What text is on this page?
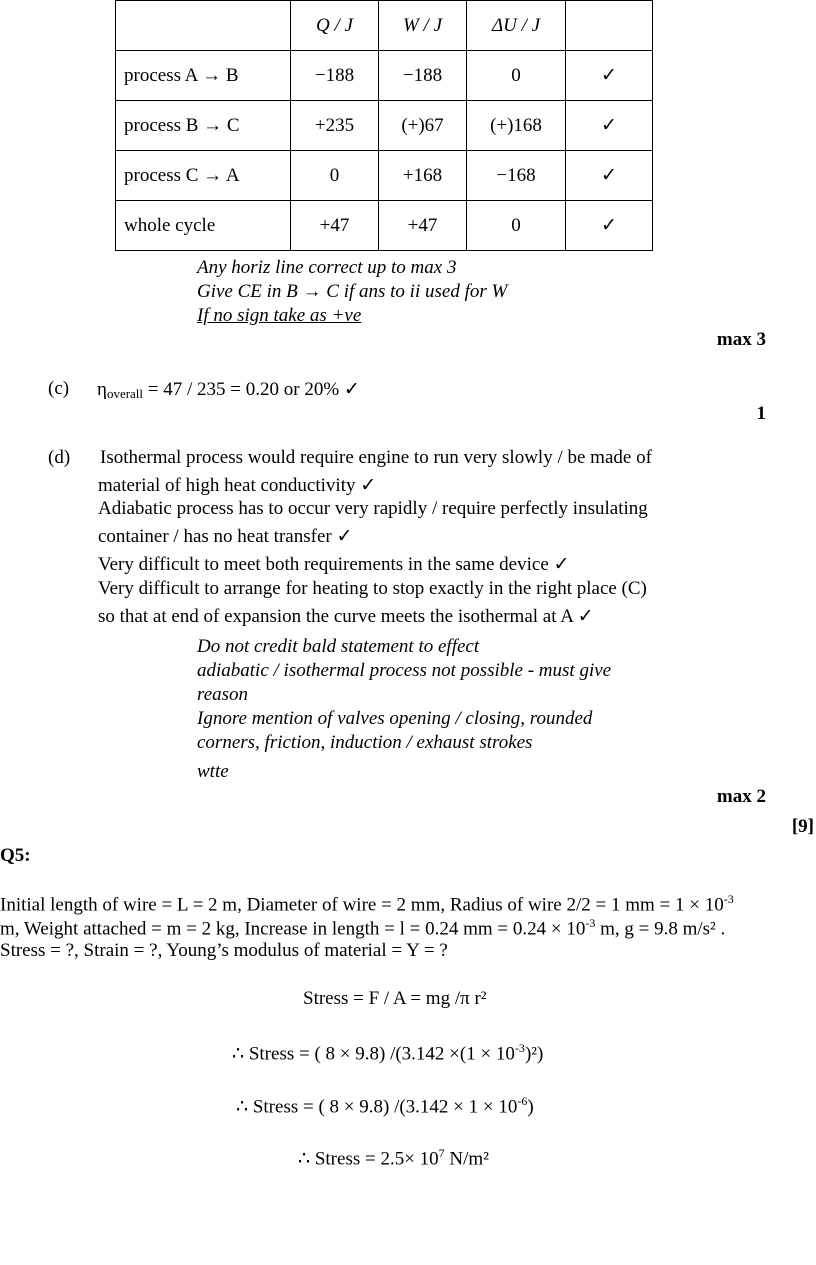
	Q / J	W / J	ΔU / J	
process A → B	−188	−188	0	✓
process B → C	+235	(+)67	(+)168	✓
process C → A	0	+168	−168	✓
whole cycle	+47	+47	0	✓
Any horiz line correct up to max 3
Give CE in B → C if ans to ii used for W
If no sign take as +ve
max 3
(c) $\eta_{overall} = 47 / 235 = 0.20$ or 20% ✓
1
(d) Isothermal process would require engine to run very slowly / be made of
material of high heat conductivity ✓
Adiabatic process has to occur very rapidly / require perfectly insulating
container / has no heat transfer ✓
Very difficult to meet both requirements in the same device ✓
Very difficult to arrange for heating to stop exactly in the right place (C)
so that at end of expansion the curve meets the isothermal at A ✓
Do not credit bald statement to effect
adiabatic / isothermal process not possible - must give
reason
Ignore mention of valves opening / closing, rounded
corners, friction, induction / exhaust strokes
wtte
max 2
[9]
Q5:
Initial length of wire = L = 2 m, Diameter of wire = 2 mm, Radius of wire 2/2 = 1 mm = $1 \times 10^{-3}$
m, Weight attached = m = 2 kg, Increase in length = l = 0.24 mm = $0.24 \times 10^{-3}$ m, g = 9.8 m/s² .
Stress = ?, Strain = ?, Young’s modulus of material = Y = ?
Stress = F / A = mg /π r²
∴ Stress = ( 8 × 9.8) $/(3.142 \times(1 \times 10^{-3})^2)$
∴ Stress = ( 8 × 9.8) $/(3.142 \times 1 \times 10^{-6})$
∴ Stress = $2.5\times 10^7$ N/m²
